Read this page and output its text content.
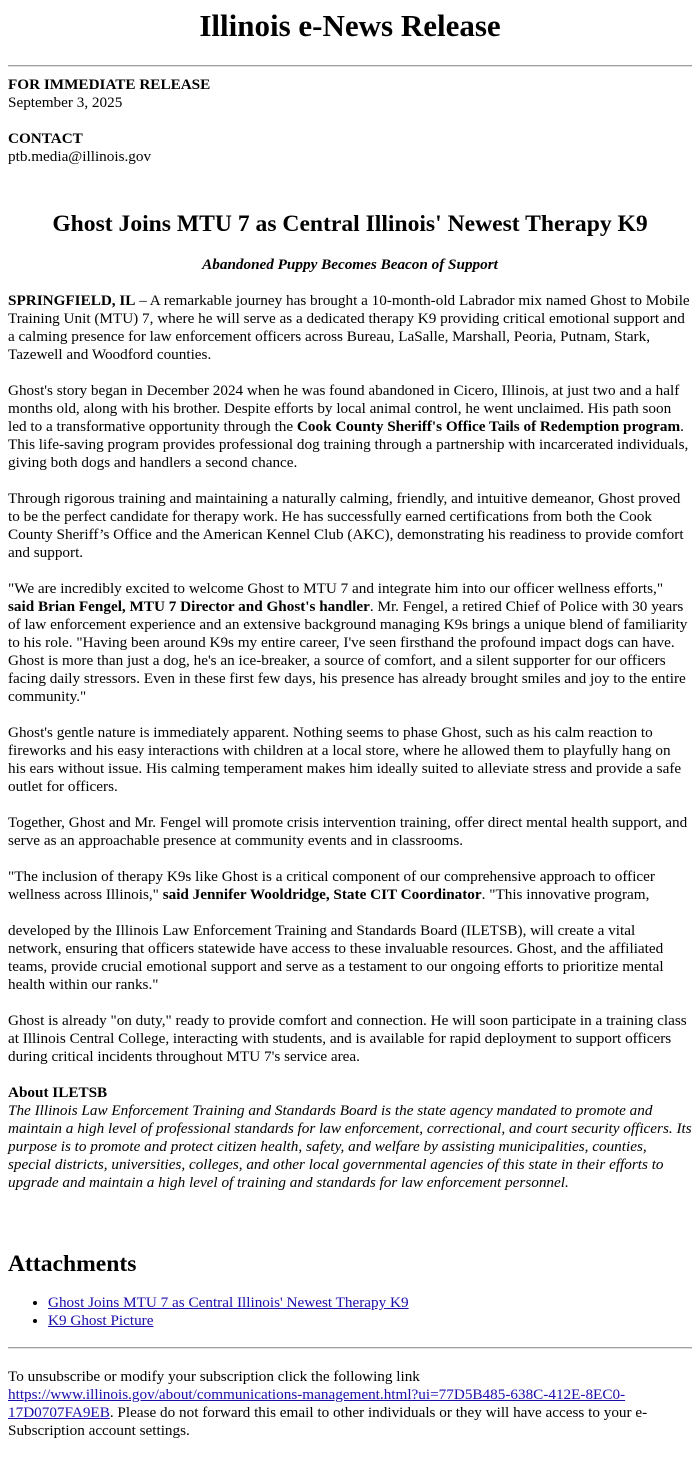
Illinois e-News Release

FOR IMMEDIATE RELEASE

September 3, 2025

CONTACT

ptb.media@illinois.gov

Ghost Joins MTU 7 as Central Illinois' Newest Therapy K9

Abandoned Puppy Becomes Beacon of Support

SPRINGFIELD, IL – A remarkable journey has brought a 10-month-old Labrador mix named Ghost to Mobile Training Unit (MTU) 7, where he will serve as a dedicated therapy K9 providing critical emotional support and a calming presence for law enforcement officers across Bureau, LaSalle, Marshall, Peoria, Putnam, Stark, Tazewell and Woodford counties.

Ghost's story began in December 2024 when he was found abandoned in Cicero, Illinois, at just two and a half months old, along with his brother. Despite efforts by local animal control, he went unclaimed. His path soon led to a transformative opportunity through the Cook County Sheriff's Office Tails of Redemption program. This life-saving program provides professional dog training through a partnership with incarcerated individuals, giving both dogs and handlers a second chance.

Through rigorous training and maintaining a naturally calming, friendly, and intuitive demeanor, Ghost proved to be the perfect candidate for therapy work. He has successfully earned certifications from both the Cook County Sheriff’s Office and the American Kennel Club (AKC), demonstrating his readiness to provide comfort and support.

"We are incredibly excited to welcome Ghost to MTU 7 and integrate him into our officer wellness efforts," said Brian Fengel, MTU 7 Director and Ghost's handler. Mr. Fengel, a retired Chief of Police with 30 years of law enforcement experience and an extensive background managing K9s brings a unique blend of familiarity to his role. "Having been around K9s my entire career, I've seen firsthand the profound impact dogs can have. Ghost is more than just a dog, he's an ice-breaker, a source of comfort, and a silent supporter for our officers facing daily stressors. Even in these first few days, his presence has already brought smiles and joy to the entire community."

Ghost's gentle nature is immediately apparent. Nothing seems to phase Ghost, such as his calm reaction to fireworks and his easy interactions with children at a local store, where he allowed them to playfully hang on his ears without issue. His calming temperament makes him ideally suited to alleviate stress and provide a safe outlet for officers.

Together, Ghost and Mr. Fengel will promote crisis intervention training, offer direct mental health support, and serve as an approachable presence at community events and in classrooms.

"The inclusion of therapy K9s like Ghost is a critical component of our comprehensive approach to officer wellness across Illinois," said Jennifer Wooldridge, State CIT Coordinator. "This innovative program,

developed by the Illinois Law Enforcement Training and Standards Board (ILETSB), will create a vital network, ensuring that officers statewide have access to these invaluable resources. Ghost, and the affiliated teams, provide crucial emotional support and serve as a testament to our ongoing efforts to prioritize mental health within our ranks."

Ghost is already "on duty," ready to provide comfort and connection. He will soon participate in a training class at Illinois Central College, interacting with students, and is available for rapid deployment to support officers during critical incidents throughout MTU 7's service area.

About ILETSB

The Illinois Law Enforcement Training and Standards Board is the state agency mandated to promote and maintain a high level of professional standards for law enforcement, correctional, and court security officers. Its purpose is to promote and protect citizen health, safety, and welfare by assisting municipalities, counties, special districts, universities, colleges, and other local governmental agencies of this state in their efforts to upgrade and maintain a high level of training and standards for law enforcement personnel.

Attachments
• Ghost Joins MTU 7 as Central Illinois' Newest Therapy K9
• K9 Ghost Picture

To unsubscribe or modify your subscription click the following link https://www.illinois.gov/about/communications-management.html?ui=77D5B485-638C-412E-8EC0-17D0707FA9EB. Please do not forward this email to other individuals or they will have access to your e-Subscription account settings.
